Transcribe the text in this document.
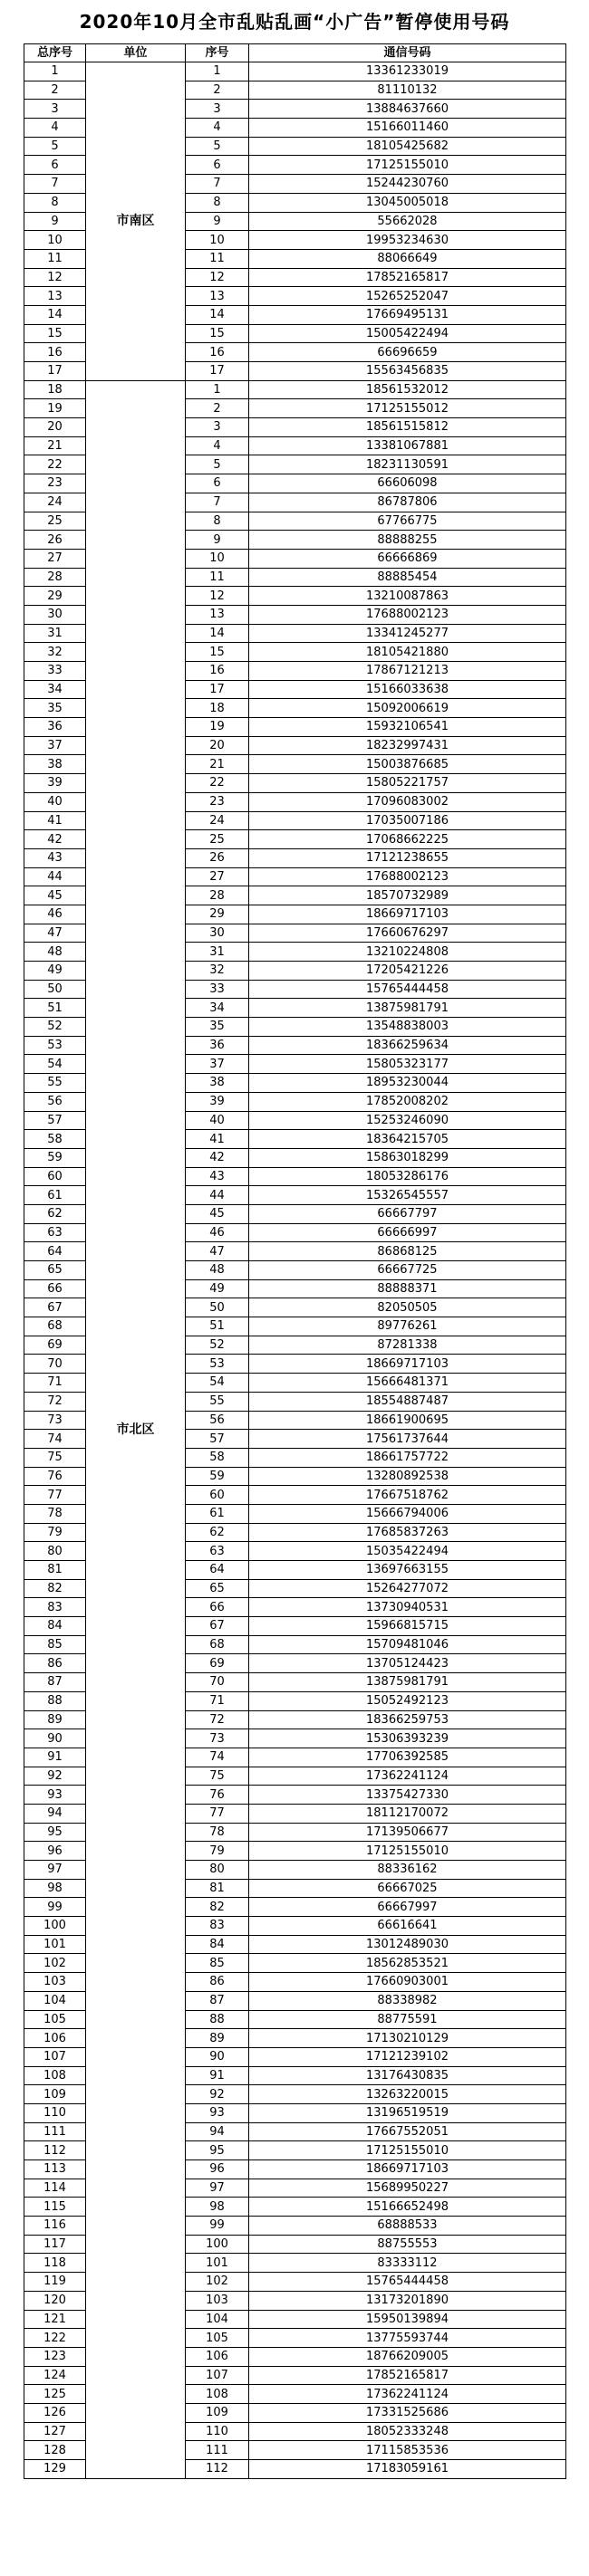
2020年10月全市乱贴乱画“小广告”暂停使用号码
总序号	单位	序号	通信号码
1	市南区	1	13361233019
2		2	81110132
3		3	13884637660
4		4	15166011460
5		5	18105425682
6		6	17125155010
7		7	15244230760
8		8	13045005018
9		9	55662028
10		10	19953234630
11		11	88066649
12		12	17852165817
13		13	15265252047
14		14	17669495131
15		15	15005422494
16		16	66696659
17		17	15563456835
18	市北区	1	18561532012
19		2	17125155012
20		3	18561515812
21		4	13381067881
22		5	18231130591
23		6	66606098
24		7	86787806
25		8	67766775
26		9	88888255
27		10	66666869
28		11	88885454
29		12	13210087863
30		13	17688002123
31		14	13341245277
32		15	18105421880
33		16	17867121213
34		17	15166033638
35		18	15092006619
36		19	15932106541
37		20	18232997431
38		21	15003876685
39		22	15805221757
40		23	17096083002
41		24	17035007186
42		25	17068662225
43		26	17121238655
44		27	17688002123
45		28	18570732989
46		29	18669717103
47		30	17660676297
48		31	13210224808
49		32	17205421226
50		33	15765444458
51		34	13875981791
52		35	13548838003
53		36	18366259634
54		37	15805323177
55		38	18953230044
56		39	17852008202
57		40	15253246090
58		41	18364215705
59		42	15863018299
60		43	18053286176
61		44	15326545557
62		45	66667797
63		46	66666997
64		47	86868125
65		48	66667725
66		49	88888371
67		50	82050505
68		51	89776261
69		52	87281338
70		53	18669717103
71		54	15666481371
72		55	18554887487
73		56	18661900695
74		57	17561737644
75		58	18661757722
76		59	13280892538
77		60	17667518762
78		61	15666794006
79		62	17685837263
80		63	15035422494
81		64	13697663155
82		65	15264277072
83		66	13730940531
84		67	15966815715
85		68	15709481046
86		69	13705124423
87		70	13875981791
88		71	15052492123
89		72	18366259753
90		73	15306393239
91		74	17706392585
92		75	17362241124
93		76	13375427330
94		77	18112170072
95		78	17139506677
96		79	17125155010
97		80	88336162
98		81	66667025
99		82	66667997
100		83	66616641
101		84	13012489030
102		85	18562853521
103		86	17660903001
104		87	88338982
105		88	88775591
106		89	17130210129
107		90	17121239102
108		91	13176430835
109		92	13263220015
110		93	13196519519
111		94	17667552051
112		95	17125155010
113		96	18669717103
114		97	15689950227
115		98	15166652498
116		99	68888533
117		100	88755553
118		101	83333112
119		102	15765444458
120		103	13173201890
121		104	15950139894
122		105	13775593744
123		106	18766209005
124		107	17852165817
125		108	17362241124
126		109	17331525686
127		110	18052333248
128		111	17115853536
129		112	17183059161
